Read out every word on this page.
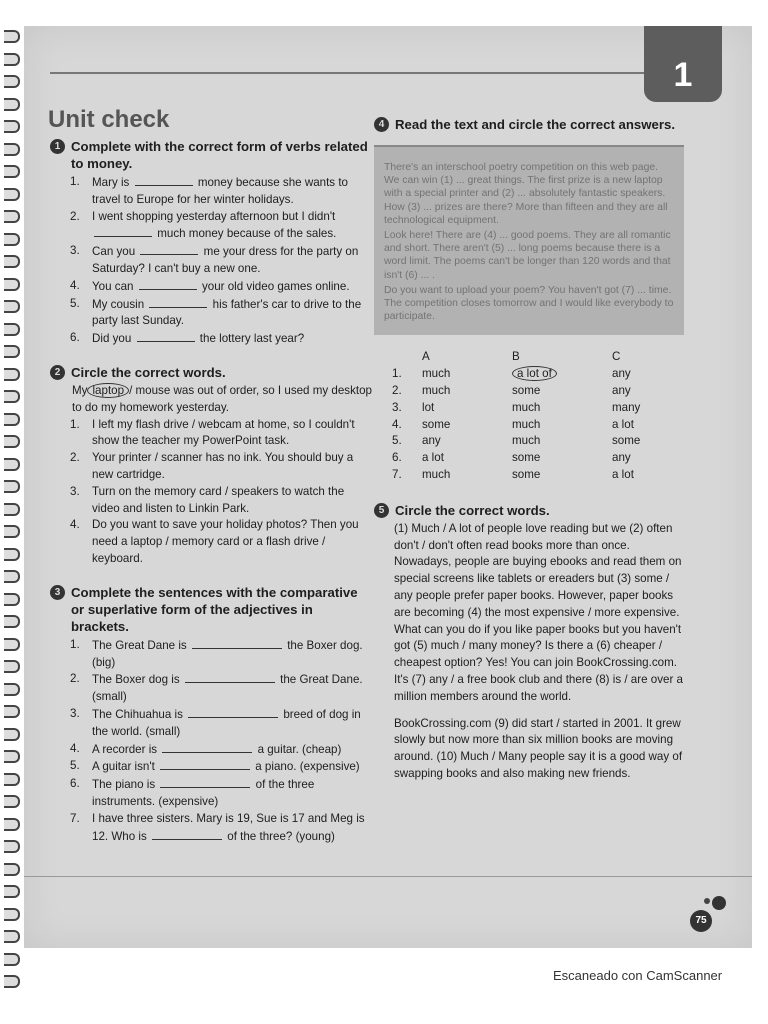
1
Unit check
1 Complete with the correct form of verbs related to money.
1.	Mary is	money because she wants to travel to Europe for her winter holidays.
2.	I went shopping yesterday afternoon but I didn't  much money because of the sales.
3.	Can you	me your dress for the party on Saturday? I can't buy a new one.
4.	You can	your old video games online.
5.	My cousin	his father's car to drive to the party last Sunday.
6.	Did you	the lottery last year?
2 Circle the correct words.
My laptop / mouse was out of order, so I used my desktop to do my homework yesterday.
1.	I left my flash drive / webcam at home, so I couldn't show the teacher my PowerPoint task.
2.	Your printer / scanner has no ink. You should buy a new cartridge.
3.	Turn on the memory card / speakers to watch the video and listen to Linkin Park.
4.	Do you want to save your holiday photos? Then you need a laptop / memory card or a flash drive / keyboard.
3 Complete the sentences with the comparative or superlative form of the adjectives in brackets.
1.	The Great Dane is	the Boxer dog. (big)
2.	The Boxer dog is	the Great Dane. (small)
3.	The Chihuahua is	breed of dog in the world. (small)
4.	A recorder is	a guitar. (cheap)
5.	A guitar isn't	a piano. (expensive)
6.	The piano is	of the three instruments. (expensive)
7.	I have three sisters. Mary is 19, Sue is 17 and Meg is 12. Who is	of the three? (young)
4 Read the text and circle the correct answers.

There's an interschool poetry competition on this web page. We can win (1) ... great things. The first prize is a new laptop with a special printer and (2) ... absolutely fantastic speakers. How (3) ... prizes are there? More than fifteen and they are all technological equipment.

Look here! There are (4) ... good poems. They are all romantic and short. There aren't (5) ... long poems because there is a word limit. The poems can't be longer than 120 words and that isn't (6) ... .

Do you want to upload your poem? You haven't got (7) ... time. The competition closes tomorrow and I would like everybody to participate.

	A	B	C
1.	much	a lot of	any
2.	much	some	any
3.	lot	much	many
4.	some	much	a lot
5.	any	much	some
6.	a lot	some	any
7.	much	some	a lot
5 Circle the correct words.

(1) Much / A lot of people love reading but we (2) often don't / don't often read books more than once. Nowadays, people are buying ebooks and read them on special screens like tablets or ereaders but (3) some / any people prefer paper books. However, paper books are becoming (4) the most expensive / more expensive. What can you do if you like paper books but you haven't got (5) much / many money? Is there a (6) cheaper / cheapest option? Yes! You can join BookCrossing.com. It's (7) any / a free book club and there (8) is / are over a million members around the world.

BookCrossing.com (9) did start / started in 2001. It grew slowly but now more than six million books are moving around. (10) Much / Many people say it is a good way of swapping books and also making new friends.

75
Escaneado con CamScanner
